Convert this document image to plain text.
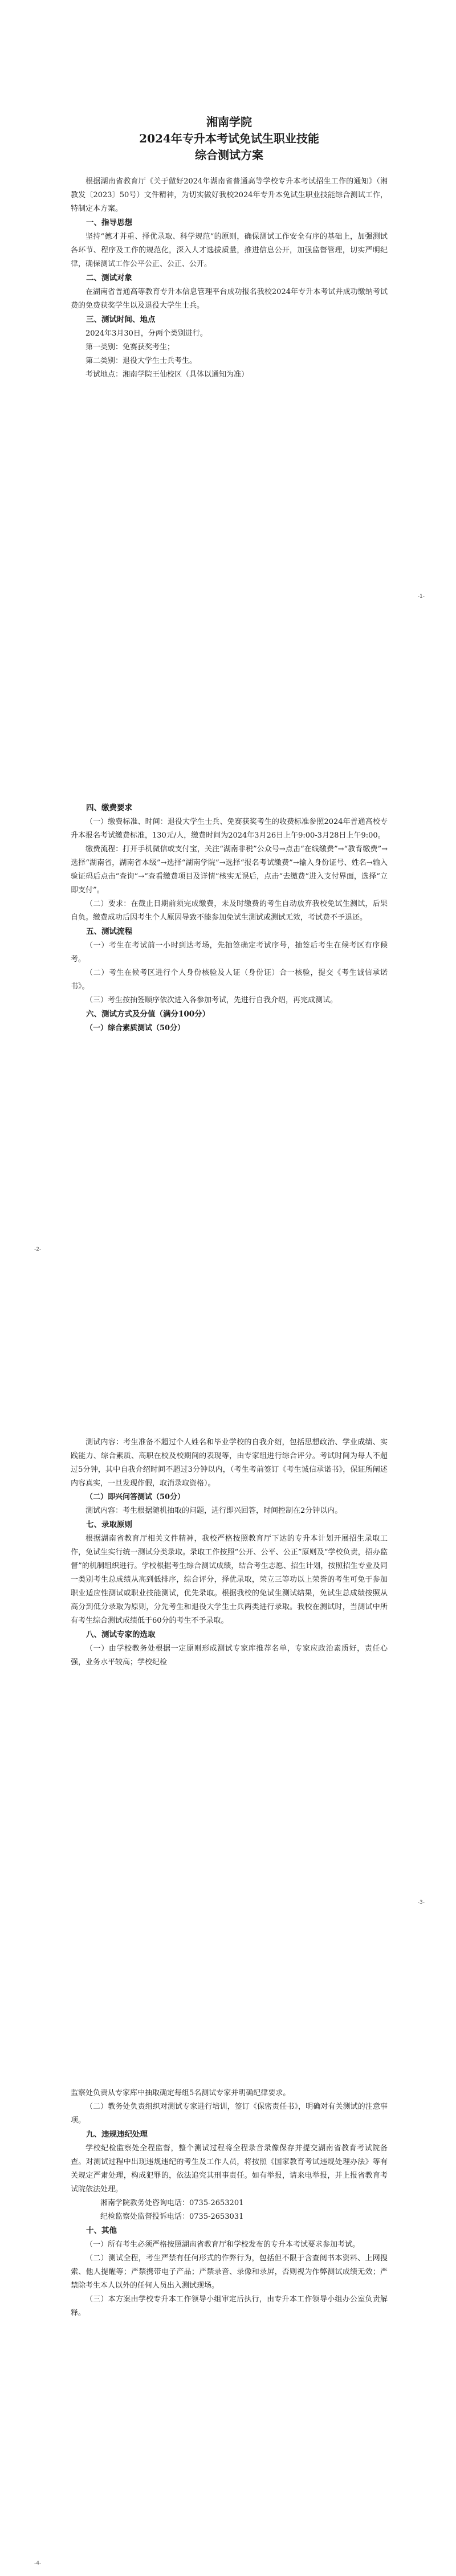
湘南学院
2024年专升本考试免试生职业技能
综合测试方案

根据湖南省教育厅《关于做好2024年湖南省普通高等学校专升本考试招生工作的通知》（湘教发〔2023〕50号）文件精神，为切实做好我校2024年专升本免试生职业技能综合测试工作，特制定本方案。

一、指导思想

坚持“德才并重、择优录取、科学规范”的原则，确保测试工作安全有序的基础上，加强测试各环节、程序及工作的规范化，深入人才选拔质量，推进信息公开，加强监督管理，切实严明纪律，确保测试工作公平公正、公正、公开。

二、测试对象

在湖南省普通高等教育专升本信息管理平台成功报名我校2024年专升本考试并成功缴纳考试费的免费获奖学生以及退役大学生士兵。

三、测试时间、地点

2024年3月30日，分两个类别进行。

第一类别：免赛获奖考生；

第二类别：退役大学生士兵考生。

考试地点：湘南学院王仙校区（具体以通知为准）

-1-
四、缴费要求

（一）缴费标准、时间：退役大学生士兵、免赛获奖考生的收费标准参照2024年普通高校专升本报名考试缴费标准，130元/人，缴费时间为2024年3月26日上午9:00-3月28日上午9:00。

缴费流程：打开手机微信或支付宝，关注“湖南非税”公众号→点击“在线缴费”→“教育缴费”→选择“湖南省，湖南省本级”→选择“湖南学院”→选择“报名考试缴费”→输入身份证号、姓名→输入验证码后点击“查询”→“查看缴费项目及详情”核实无误后，点击“去缴费”进入支付界面，选择“立即支付”。

（二）要求：在截止日期前须完成缴费，未及时缴费的考生自动放弃我校免试生测试，后果自负。缴费成功后因考生个人原因导致不能参加免试生测试或测试无效，考试费不予退还。

五、测试流程

（一）考生在考试前一小时到达考场，先抽签确定考试序号，抽签后考生在候考区有序候考。

（二）考生在候考区进行个人身份核验及人证（身份证）合一核验，提交《考生诚信承诺书》。

（三）考生按抽签顺序依次进入各参加考试，先进行自我介绍，再完成测试。

六、测试方式及分值（满分100分）
（一）综合素质测试（50分）
-2-

测试内容：考生准备不超过个人姓名和毕业学校的自我介绍，包括思想政治、学业成绩、实践能力、综合素质、高职在校及校期间的表现等，由专家组进行综合评分。考试时间为每人不超过5分钟，其中自我介绍时间不超过3分钟以内，（考生考前签订《考生诚信承诺书》，保证所阐述内容真实，一旦发现作假，取消录取资格）。

（二）即兴问答测试（50分）

测试内容：考生根据随机抽取的问题，进行即兴回答，时间控制在2分钟以内。

七、录取原则

根据湖南省教育厅相关文件精神，我校严格按照教育厅下达的专升本计划开展招生录取工作，免试生实行统一测试分类录取。录取工作按照“公开、公平、公正”原则及“学校负责，招办监督”的机制组织进行。学校根据考生综合测试成绩，结合考生志愿、招生计划，按照招生专业及同一类别考生总成绩从高到低排序，综合评分，择优录取，荣立三等功以上荣誉的考生可免于参加职业适应性测试或职业技能测试，优先录取。根据我校的免试生测试结果，免试生总成绩按照从高分到低分录取为原则，分先考生和退役大学生士兵两类进行录取。我校在测试时，当测试中所有考生综合测试成绩低于60分的考生不予录取。

八、测试专家的选取

（一）由学校教务处根据一定原则形成测试专家库推荐名单，专家应政治素质好，责任心强，业务水平较高；学校纪检

-3-

监察处负责从专家库中抽取确定每组5名测试专家并明确纪律要求。

（二）教务处负责组织对测试专家进行培训，签订《保密责任书》，明确对有关测试的注意事项。

九、违规违纪处理

学校纪检监察处全程监督，整个测试过程将全程录音录像保存并提交湖南省教育考试院备查。对测试过程中出现违规违纪的考生及工作人员，将按照《国家教育考试违规处理办法》等有关规定严肃处理，构成犯罪的，依法追究其刑事责任。如有举报，请来电举报，并上报省教育考试院依法处理。

湘南学院教务处咨询电话：0735-2653201

纪检监察处监督投诉电话：0735-2653031

十、其他

（一）所有考生必须严格按照湖南省教育厅和学校发布的专升本考试要求参加考试。

（二）测试全程，考生严禁有任何形式的作弊行为，包括但不限于含查阅书本资料、上网搜索、他人提醒等；严禁携带电子产品；严禁录音、录像和录屏，否则视为作弊测试成绩无效；严禁除考生本人以外的任何人员出入测试现场。

（三）本方案由学校专升本工作领导小组审定后执行，由专升本工作领导小组办公室负责解释。

-4-
